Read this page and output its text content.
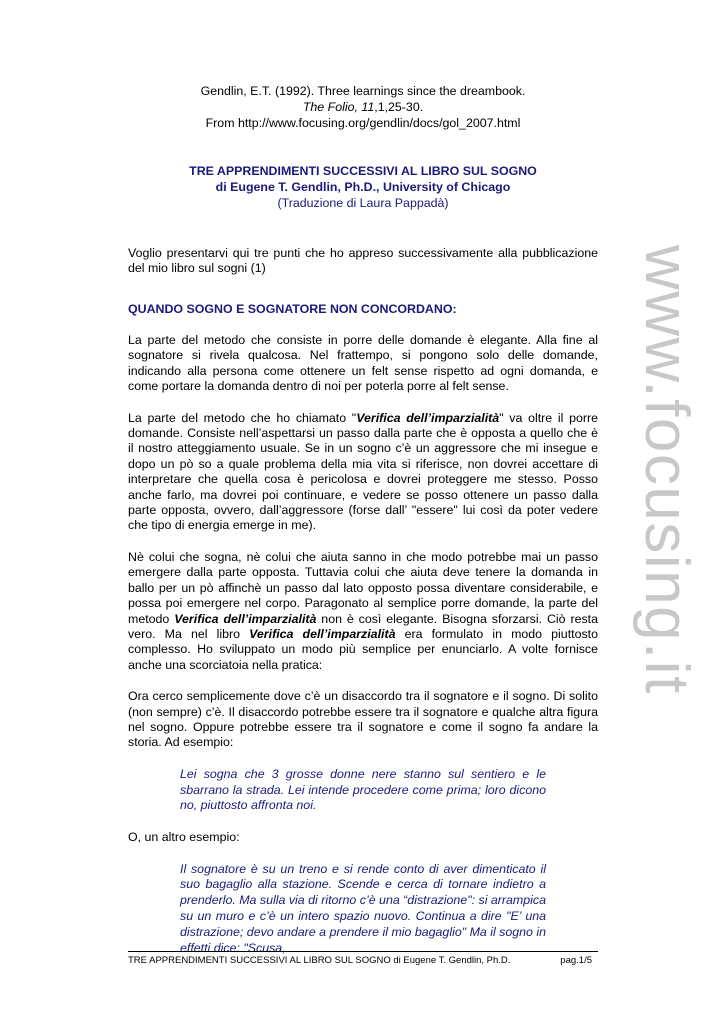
www.focusing.it
Gendlin, E.T. (1992). Three learnings since the dreambook.
The Folio, 11,1,25-30.
From http://www.focusing.org/gendlin/docs/gol_2007.html
TRE APPRENDIMENTI SUCCESSIVI AL LIBRO SUL SOGNO
di Eugene T. Gendlin, Ph.D., University of Chicago
(Traduzione di Laura Pappadà)

Voglio presentarvi qui tre punti che ho appreso successivamente alla pubblicazione del mio libro sul sogni (1)

QUANDO SOGNO E SOGNATORE NON CONCORDANO:

La parte del metodo che consiste in porre delle domande è elegante. Alla fine al sognatore si rivela qualcosa. Nel frattempo, si pongono solo delle domande, indicando alla persona come ottenere un felt sense rispetto ad ogni domanda, e come portare la domanda dentro di noi per poterla porre al felt sense.

La parte del metodo che ho chiamato "Verifica dell’imparzialità" va oltre il porre domande. Consiste nell’aspettarsi un passo dalla parte che è opposta a quello che è il nostro atteggiamento usuale. Se in un sogno c’è un aggressore che mi insegue e dopo un pò so a quale problema della mia vita si riferisce, non dovrei accettare di interpretare che quella cosa è pericolosa e dovrei proteggere me stesso. Posso anche farlo, ma dovrei poi continuare, e vedere se posso ottenere un passo dalla parte opposta, ovvero, dall’aggressore (forse dall’ "essere" lui così da poter vedere che tipo di energia emerge in me).

Nè colui che sogna, nè colui che aiuta sanno in che modo potrebbe mai un passo emergere dalla parte opposta. Tuttavia colui che aiuta deve tenere la domanda in ballo per un pò affinchè un passo dal lato opposto possa diventare considerabile, e possa poi emergere nel corpo. Paragonato al semplice porre domande, la parte del metodo Verifica dell’imparzialità non è così elegante. Bisogna sforzarsi. Ciò resta vero. Ma nel libro Verifica dell’imparzialità era formulato in modo piuttosto complesso. Ho sviluppato un modo più semplice per enunciarlo. A volte fornisce anche una scorciatoia nella pratica:

Ora cerco semplicemente dove c’è un disaccordo tra il sognatore e il sogno. Di solito (non sempre) c’è. Il disaccordo potrebbe essere tra il sognatore e qualche altra figura nel sogno. Oppure potrebbe essere tra il sognatore e come il sogno fa andare la storia. Ad esempio:

Lei sogna che 3 grosse donne nere stanno sul sentiero e le sbarrano la strada. Lei intende procedere come prima; loro dicono no, piuttosto affronta noi.

O, un altro esempio:

Il sognatore è su un treno e si rende conto di aver dimenticato il suo bagaglio alla stazione. Scende e cerca di tornare indietro a prenderlo. Ma sulla via di ritorno c’è una “distrazione": si arrampica su un muro e c’è un intero spazio nuovo. Continua a dire "E’ una distrazione; devo andare a prendere il mio bagaglio" Ma il sogno in effetti dice: "Scusa,

TRE APPRENDIMENTI SUCCESSIVI AL LIBRO SUL SOGNO di Eugene T. Gendlin, Ph.D.	pag.1/5
